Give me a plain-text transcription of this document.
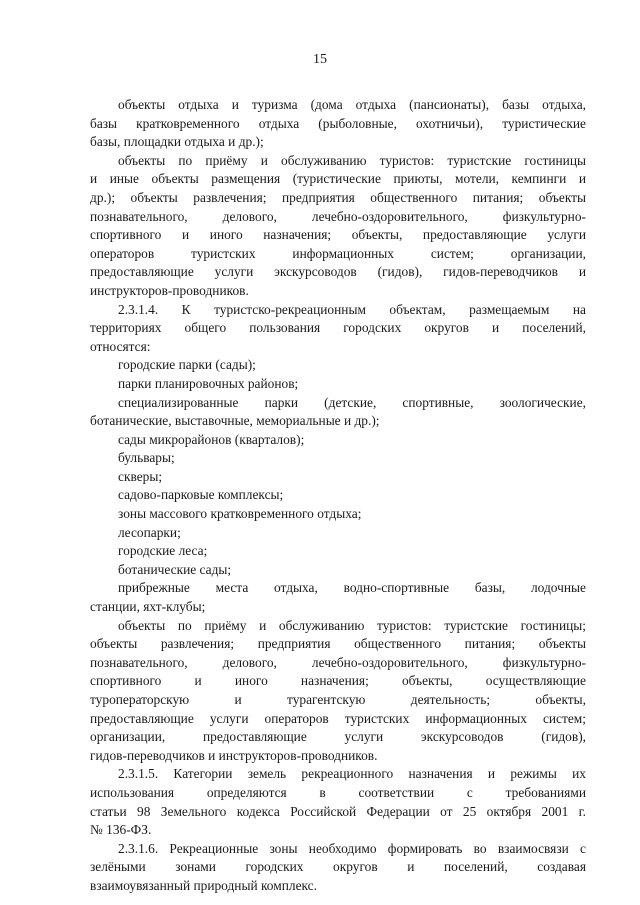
15
объекты отдыха и туризма (дома отдыха (пансионаты), базы отдыха,
базы кратковременного отдыха (рыболовные, охотничьи), туристические
базы, площадки отдыха и др.);
объекты по приёму и обслуживанию туристов: туристские гостиницы
и иные объекты размещения (туристические приюты, мотели, кемпинги и
др.); объекты развлечения; предприятия общественного питания; объекты
познавательного, делового, лечебно-оздоровительного, физкультурно-
спортивного и иного назначения; объекты, предоставляющие услуги
операторов туристских информационных систем; организации,
предоставляющие услуги экскурсоводов (гидов), гидов-переводчиков и
инструкторов-проводников.
2.3.1.4. К туристско-рекреационным объектам, размещаемым на
территориях общего пользования городских округов и поселений,
относятся:
городские парки (сады);
парки планировочных районов;
специализированные парки (детские, спортивные, зоологические,
ботанические, выставочные, мемориальные и др.);
сады микрорайонов (кварталов);
бульвары;
скверы;
садово-парковые комплексы;
зоны массового кратковременного отдыха;
лесопарки;
городские леса;
ботанические сады;
прибрежные места отдыха, водно-спортивные базы, лодочные
станции, яхт-клубы;
объекты по приёму и обслуживанию туристов: туристские гостиницы;
объекты развлечения; предприятия общественного питания; объекты
познавательного, делового, лечебно-оздоровительного, физкультурно-
спортивного и иного назначения; объекты, осуществляющие
туроператорскую и турагентскую деятельность; объекты,
предоставляющие услуги операторов туристских информационных систем;
организации, предоставляющие услуги экскурсоводов (гидов),
гидов-переводчиков и инструкторов-проводников.
2.3.1.5. Категории земель рекреационного назначения и режимы их
использования определяются в соответствии с требованиями
статьи 98 Земельного кодекса Российской Федерации от 25 октября 2001 г.
№ 136-ФЗ.
2.3.1.6. Рекреационные зоны необходимо формировать во взаимосвязи с
зелёными зонами городских округов и поселений, создавая
взаимоувязанный природный комплекс.
